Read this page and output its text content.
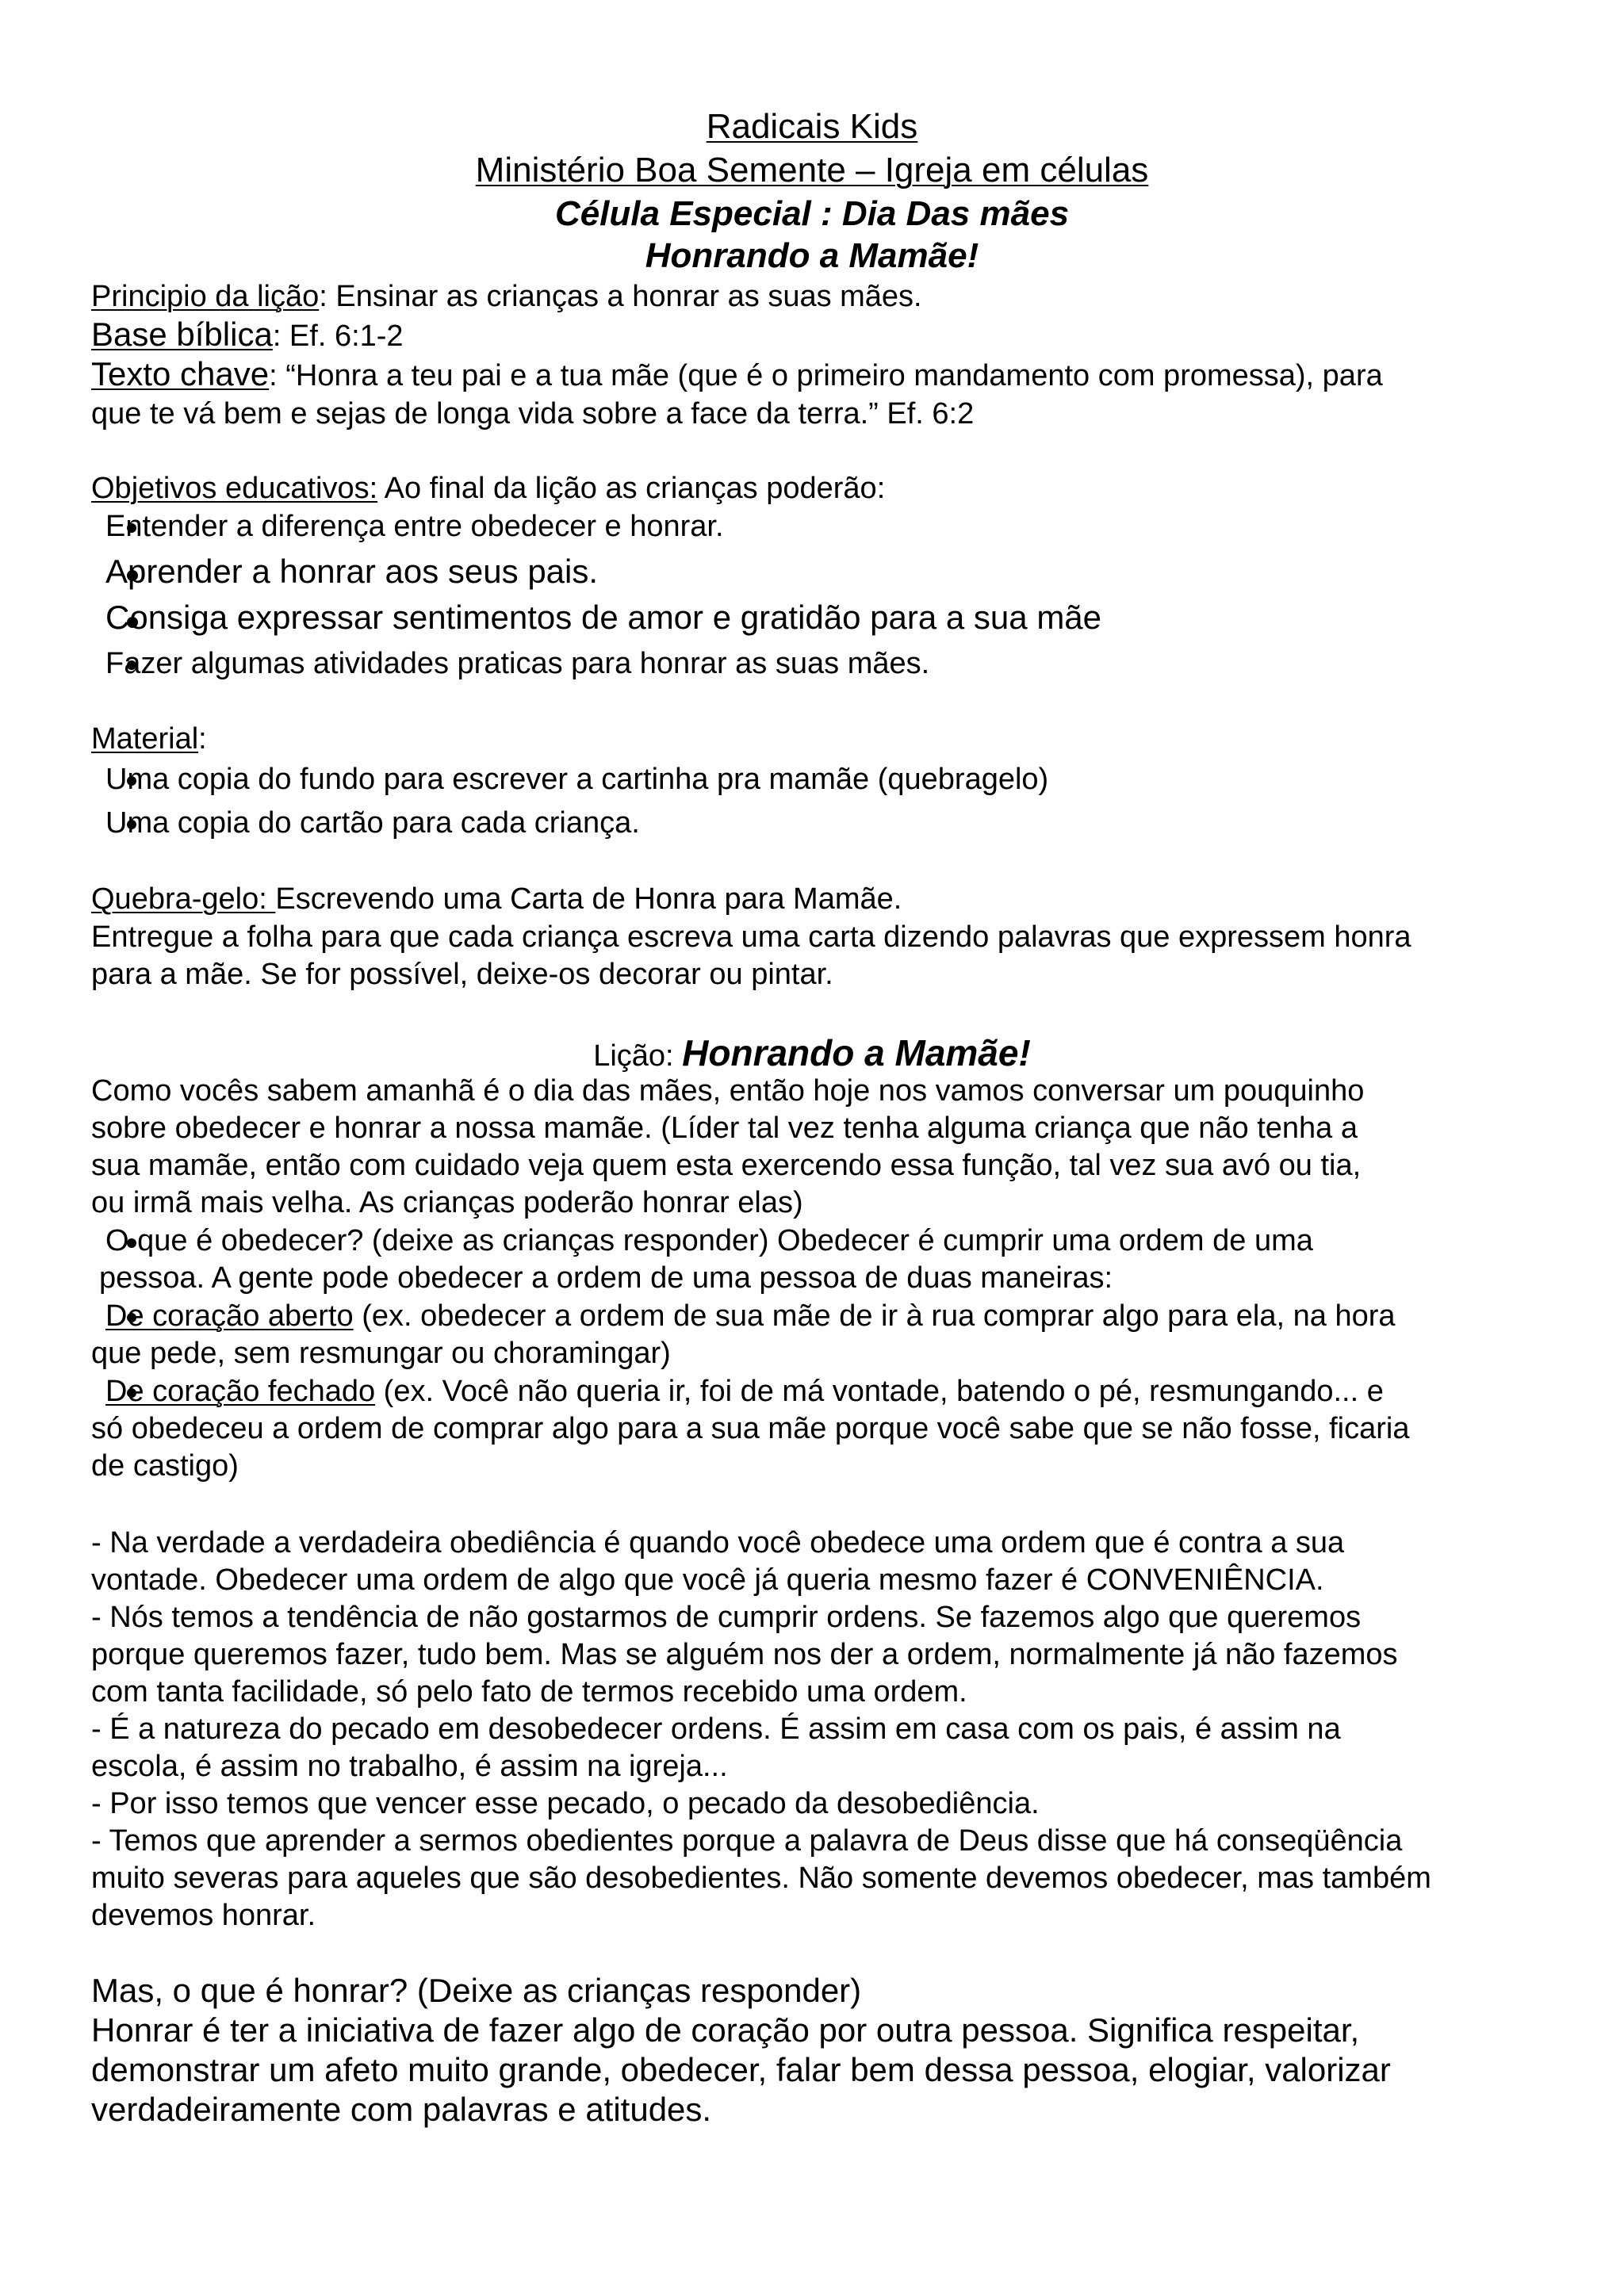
Radicais Kids
Ministério Boa Semente – Igreja em células
Célula Especial : Dia Das mães
Honrando a Mamãe!
Principio da lição: Ensinar as crianças a honrar as suas mães.
Base bíblica: Ef. 6:1-2
Texto chave: “Honra a teu pai e a tua mãe (que é o primeiro mandamento com promessa), para
que te vá bem e sejas de longa vida sobre a face da terra.” Ef. 6:2
Objetivos educativos: Ao final da lição as crianças poderão:
Entender a diferença entre obedecer e honrar.
Aprender a honrar aos seus pais.
Consiga expressar sentimentos de amor e gratidão para a sua mãe
Fazer algumas atividades praticas para honrar as suas mães.
Material:
Uma copia do fundo para escrever a cartinha pra mamãe (quebragelo)
Uma copia do cartão para cada criança.
Quebra-gelo: Escrevendo uma Carta de Honra para Mamãe.
Entregue a folha para que cada criança escreva uma carta dizendo palavras que expressem honra
para a mãe. Se for possível, deixe-os decorar ou pintar.
Lição: Honrando a Mamãe!
Como vocês sabem amanhã é o dia das mães, então hoje nos vamos conversar um pouquinho
sobre obedecer e honrar a nossa mamãe. (Líder tal vez tenha alguma criança que não tenha a
sua mamãe, então com cuidado veja quem esta exercendo essa função, tal vez sua avó ou tia,
ou irmã mais velha. As crianças poderão honrar elas)
O que é obedecer? (deixe as crianças responder) Obedecer é cumprir uma ordem de uma
pessoa. A gente pode obedecer a ordem de uma pessoa de duas maneiras:
De coração aberto (ex. obedecer a ordem de sua mãe de ir à rua comprar algo para ela, na hora
que pede, sem resmungar ou choramingar)
De coração fechado (ex. Você não queria ir, foi de má vontade, batendo o pé, resmungando... e
só obedeceu a ordem de comprar algo para a sua mãe porque você sabe que se não fosse, ficaria
de castigo)
- Na verdade a verdadeira obediência é quando você obedece uma ordem que é contra a sua
vontade. Obedecer uma ordem de algo que você já queria mesmo fazer é CONVENIÊNCIA.
- Nós temos a tendência de não gostarmos de cumprir ordens. Se fazemos algo que queremos
porque queremos fazer, tudo bem. Mas se alguém nos der a ordem, normalmente já não fazemos
com tanta facilidade, só pelo fato de termos recebido uma ordem.
- É a natureza do pecado em desobedecer ordens. É assim em casa com os pais, é assim na
escola, é assim no trabalho, é assim na igreja...
- Por isso temos que vencer esse pecado, o pecado da desobediência.
- Temos que aprender a sermos obedientes porque a palavra de Deus disse que há conseqüência
muito severas para aqueles que são desobedientes. Não somente devemos obedecer, mas também
devemos honrar.
Mas, o que é honrar? (Deixe as crianças responder)
Honrar é ter a iniciativa de fazer algo de coração por outra pessoa. Significa respeitar,
demonstrar um afeto muito grande, obedecer, falar bem dessa pessoa, elogiar, valorizar
verdadeiramente com palavras e atitudes.
